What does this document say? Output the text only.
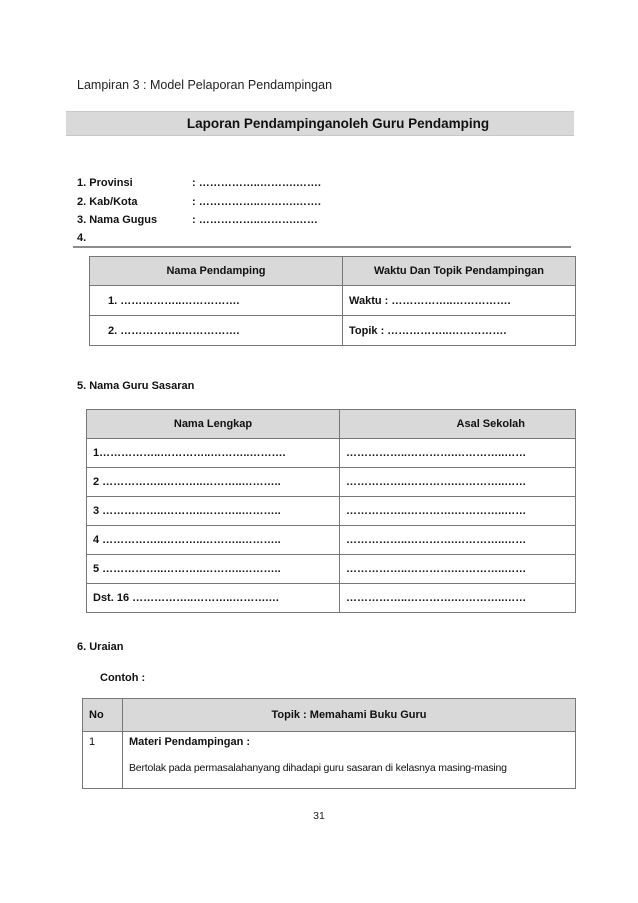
Lampiran 3 : Model Pelaporan Pendampingan
Laporan Pendampinganoleh Guru Pendamping
1. Provinsi	: ……………..……….…….
2. Kab/Kota	: ……………..……….…….
3. Nama Gugus	: ……………..……….……
4.
Nama Pendamping	Waktu Dan Topik Pendampingan
1. ……………..…………….	Waktu : ……………..…………….
2. ……………..…………….	Topik : ……………..…………….
5. Nama Guru Sasaran
Nama Lengkap	Asal Sekolah
1……………..…………..………..……….	……………..………….…………..……
2 ……………..………..………..………..	……………..………….…………..……
3 ……………..………..………..………..	……………..………….…………..……
4 ……………..………..………..………..	……………..………….…………..……
5 ……………..………..………..………..	……………..………….…………..……
Dst. 16 ……………..………..……….…	……………..………….…………..……
6. Uraian
Contoh :
No	Topik : Memahami Buku Guru
1	Materi Pendampingan :
Bertolak pada permasalahanyang dihadapi guru sasaran di kelasnya masing-masing
31
